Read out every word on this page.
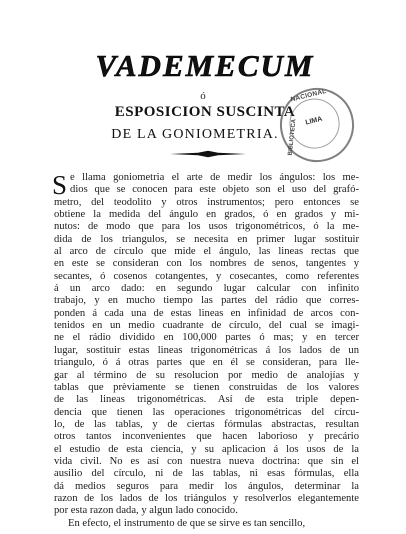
VADEMECUM
ó
ESPOSICION SUSCINTA
DE LA GONIOMETRIA.
NACIONAL
LIMA
BIBLIOTECA
S e llama goniometria el arte de medir los ángulos: los me-
dios que se conocen para este objeto son el uso del grafó-
metro, del teodolito y otros instrumentos; pero entonces se
obtiene la medida del ángulo en grados, ó en grados y mi-
nutos: de modo que para los usos trigonométricos, ó la me-
dida de los triangulos, se necesita en primer lugar sostituir
al arco de círculo que mide el ángulo, las lineas rectas que
en este se consideran con los nombres de senos, tangentes y
secantes, ó cosenos cotangentes, y cosecantes, como referentes
á un arco dado: en segundo lugar calcular con infinito
trabajo, y en mucho tiempo las partes del rádio que corres-
ponden á cada una de estas lineas en infinidad de arcos con-
tenidos en un medio cuadrante de círculo, del cual se imagi-
ne el rádio dividido en 100,000 partes ó mas; y en tercer
lugar, sostituir estas lineas trigonométricas á los lados de un
triangulo, ó á otras partes que en él se consideran, para lle-
gar al término de su resolucion por medio de analojías y
tablas que prèviamente se tienen construidas de los valores
de las lineas trigonométricas. Así de esta triple depen-
dencia que tienen las operaciones trigonométricas del círcu-
lo, de las tablas, y de ciertas fórmulas abstractas, resultan
otros tantos inconvenientes que hacen laborioso y precário
el estudio de esta ciencia, y su aplicacion á los usos de la
vida civil. No es así con nuestra nueva doctrina: que sin el
ausilio del círculo, ni de las tablas, ni esas fórmulas, ella
dá medios seguros para medir los ángulos, determinar la
razon de los lados de los triángulos y resolverlos elegantemente
por esta razon dada, y algun lado conocido.
En efecto, el instrumento de que se sirve es tan sencillo,
